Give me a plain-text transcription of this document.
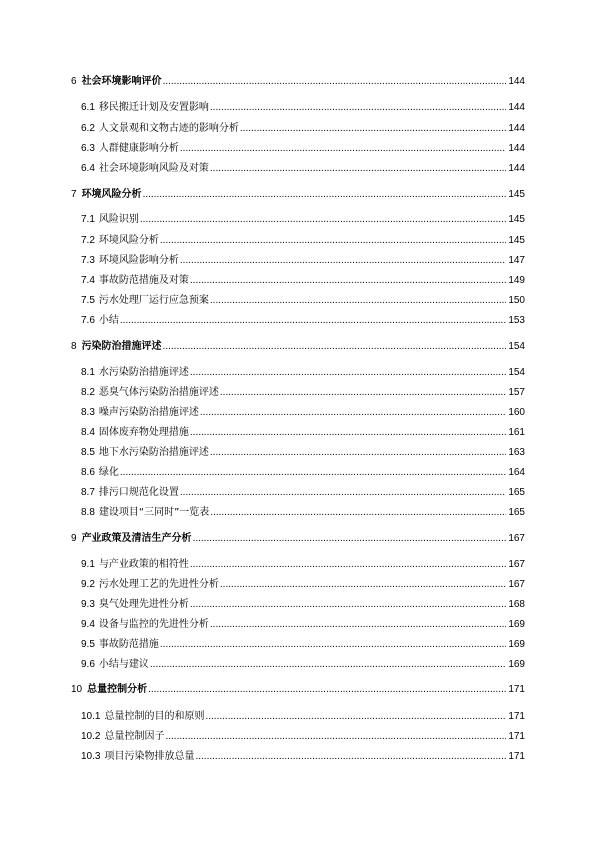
6 社会环境影响评价 .....	144
6.1 移民搬迁计划及安置影响 .....	144
6.2 人文景观和文物古迹的影响分析 .....	144
6.3 人群健康影响分析 .....	144
6.4 社会环境影响风险及对策 .....	144
7 环境风险分析 .....	145
7.1 风险识别 .....	145
7.2 环境风险分析 .....	145
7.3 环境风险影响分析 .....	147
7.4 事故防范措施及对策 .....	149
7.5 污水处理厂运行应急预案 .....	150
7.6 小结 .....	153
8 污染防治措施评述 .....	154
8.1 水污染防治措施评述 .....	154
8.2 恶臭气体污染防治措施评述 .....	157
8.3 噪声污染防治措施评述 .....	160
8.4 固体废弃物处理措施 .....	161
8.5 地下水污染防治措施评述 .....	163
8.6 绿化 .....	164
8.7 排污口规范化设置 .....	165
8.8 建设项目“三同时”一览表 .....	165
9 产业政策及清洁生产分析 .....	167
9.1 与产业政策的相符性 .....	167
9.2 污水处理工艺的先进性分析 .....	167
9.3 臭气处理先进性分析 .....	168
9.4 设备与监控的先进性分析 .....	169
9.5 事故防范措施 .....	169
9.6 小结与建议 .....	169
10 总量控制分析 .....	171
10.1 总量控制的目的和原则 .....	171
10.2 总量控制因子 .....	171
10.3 项目污染物排放总量 .....	171
